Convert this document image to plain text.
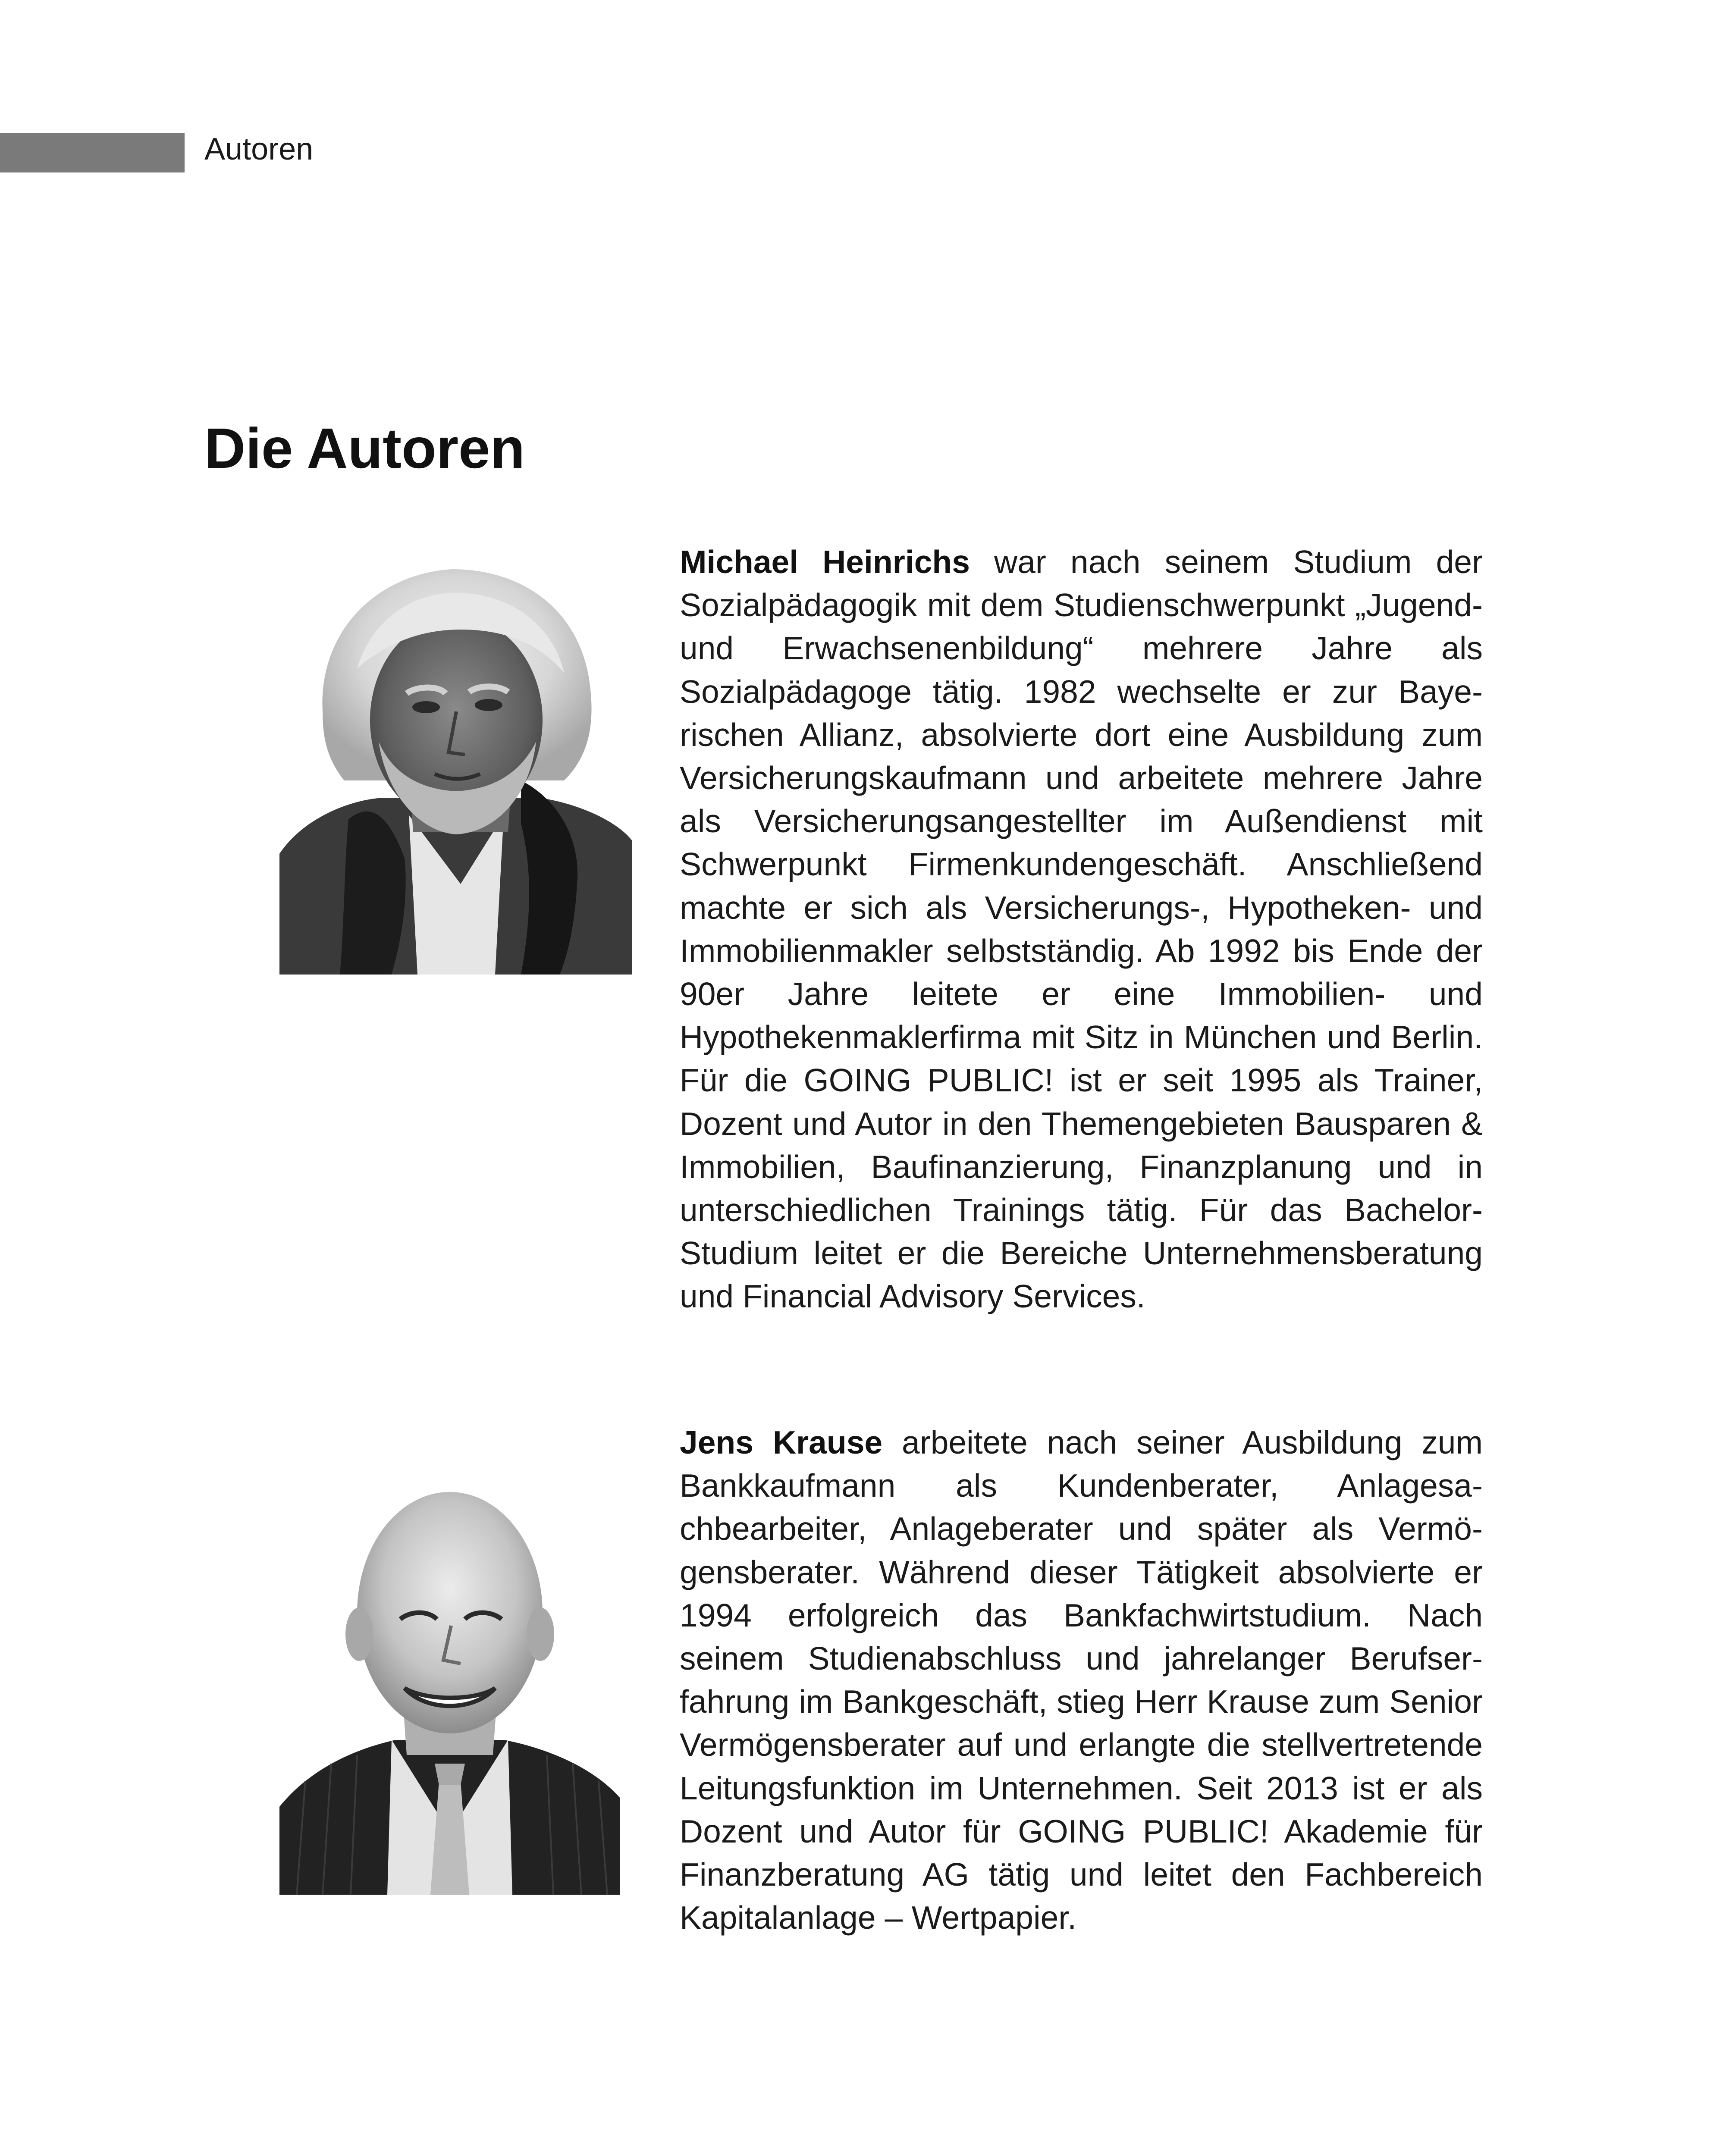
Autoren
Die Autoren

Michael Heinrichs war nach seinem Studium der Sozialpädagogik mit dem Studienschwerpunkt „Jugend- und Erwachsenenbildung“ mehrere Jahre als Sozialpädagoge tätig. 1982 wechselte er zur Bayerischen Allianz, absolvierte dort eine Ausbildung zum Versicherungskaufmann und arbeitete mehrere Jahre als Versicherungsangestellter im Außendienst mit Schwerpunkt Firmenkundengeschäft. Anschließend machte er sich als Versicherungs-, Hypotheken- und Immobilienmakler selbstständig. Ab 1992 bis Ende der 90er Jahre leitete er eine Immobilien- und Hypothekenmaklerfirma mit Sitz in München und Berlin. Für die GOING PUBLIC! ist er seit 1995 als Trainer, Dozent und Autor in den Themengebieten Bausparen & Immobilien, Baufinanzierung, Finanzplanung und in unterschiedlichen Trainings tätig. Für das Bachelor-Studium leitet er die Bereiche Unternehmensberatung und Financial Advisory Services.

Jens Krause arbeitete nach seiner Ausbildung zum Bankkaufmann als Kundenberater, Anlagesachbearbeiter, Anlageberater und später als Vermögensberater. Während dieser Tätigkeit absolvierte er 1994 erfolgreich das Bankfachwirtstudium. Nach seinem Studienabschluss und jahrelanger Berufserfahrung im Bankgeschäft, stieg Herr Krause zum Senior Vermögensberater auf und erlangte die stellvertretende Leitungsfunktion im Unternehmen. Seit 2013 ist er als Dozent und Autor für GOING PUBLIC! Akademie für Finanzberatung AG tätig und leitet den Fachbereich Kapitalanlage – Wertpapier.
